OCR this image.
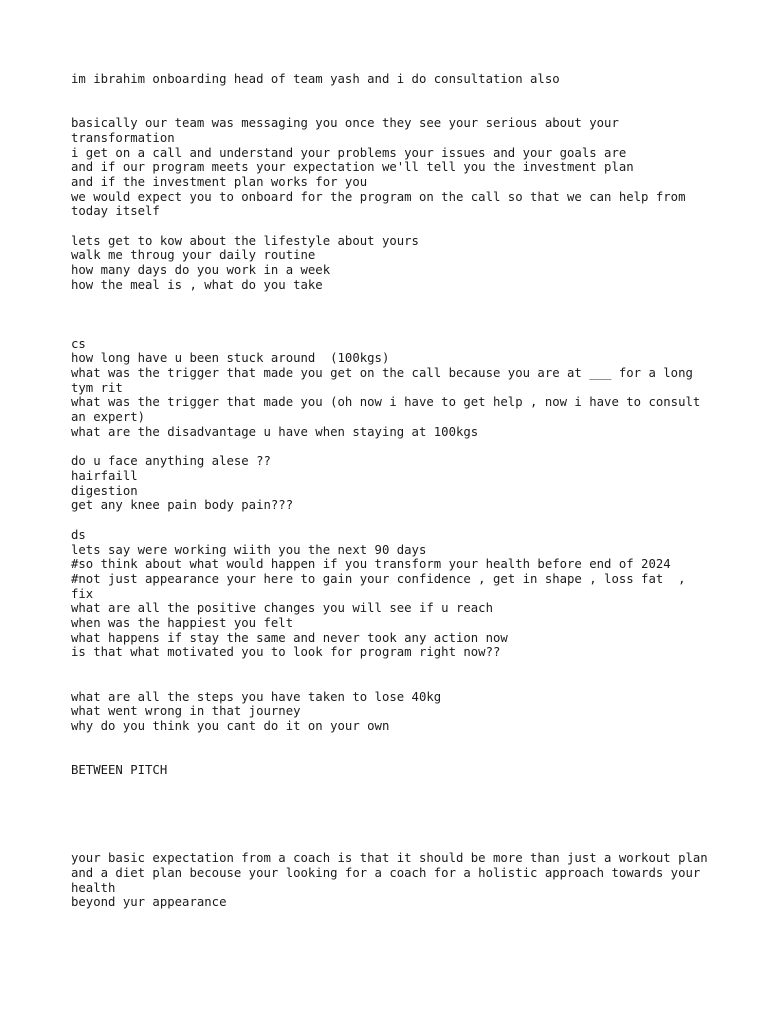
im ibrahim onboarding head of team yash and i do consultation also

basically our team was messaging you once they see your serious about your transformation
i get on a call and understand your problems your issues and your goals are
and if our program meets your expectation we'll tell you the investment plan
and if the investment plan works for you
we would expect you to onboard for the program on the call so that we can help from today itself

lets get to kow about the lifestyle about yours
walk me throug your daily routine
how many days do you work in a week
how the meal is , what do you take

cs
how long have u been stuck around  (100kgs)
what was the trigger that made you get on the call because you are at ___ for a long tym rit
what was the trigger that made you (oh now i have to get help , now i have to consult an expert)
what are the disadvantage u have when staying at 100kgs

do u face anything alese ??
hairfaill
digestion
get any knee pain body pain???

ds
lets say were working wiith you the next 90 days
#so think about what would happen if you transform your health before end of 2024
#not just appearance your here to gain your confidence , get in shape , loss fat  , fix
what are all the positive changes you will see if u reach
when was the happiest you felt
what happens if stay the same and never took any action now
is that what motivated you to look for program right now??

what are all the steps you have taken to lose 40kg
what went wrong in that journey
why do you think you cant do it on your own

BETWEEN PITCH

your basic expectation from a coach is that it should be more than just a workout plan
and a diet plan becouse your looking for a coach for a holistic approach towards your health
beyond yur appearance
